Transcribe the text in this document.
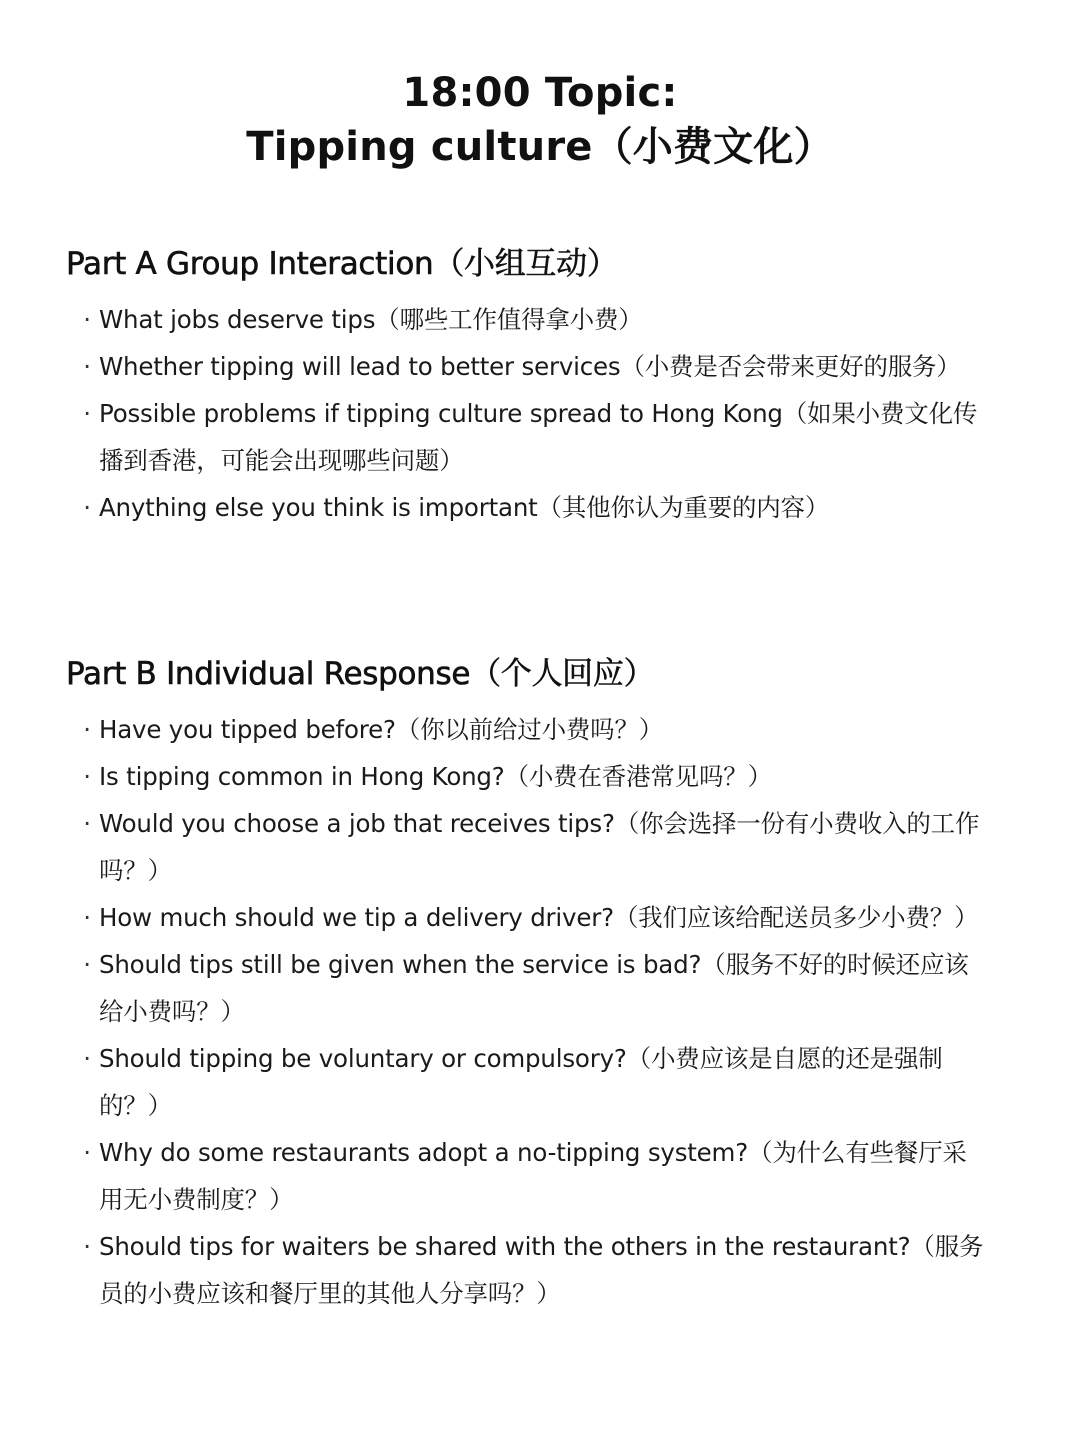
18:00 Topic:
Tipping culture（小费文化）
Part A Group Interaction（小组互动）
· What jobs deserve tips（哪些工作值得拿小费）
· Whether tipping will lead to better services（小费是否会带来更好的服务）
· Possible problems if tipping culture spread to Hong Kong（如果小费文化传播到香港，可能会出现哪些问题）
· Anything else you think is important（其他你认为重要的内容）
Part B Individual Response（个人回应）
· Have you tipped before?（你以前给过小费吗？）
· Is tipping common in Hong Kong?（小费在香港常见吗？）
· Would you choose a job that receives tips?（你会选择一份有小费收入的工作吗？）
· How much should we tip a delivery driver?（我们应该给配送员多少小费？）
· Should tips still be given when the service is bad?（服务不好的时候还应该给小费吗？）
· Should tipping be voluntary or compulsory?（小费应该是自愿的还是强制的？）
· Why do some restaurants adopt a no-tipping system?（为什么有些餐厅采用无小费制度？）
· Should tips for waiters be shared with the others in the restaurant?（服务员的小费应该和餐厅里的其他人分享吗？）
